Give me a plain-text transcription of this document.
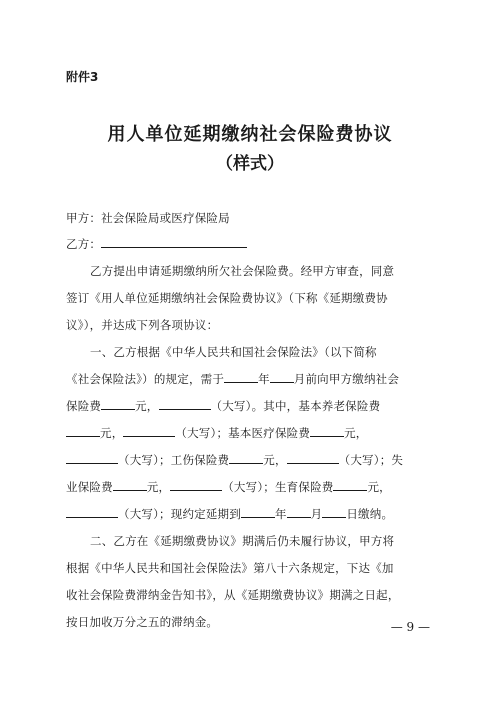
附件3
用人单位延期缴纳社会保险费协议
（样式）
甲方：社会保险局或医疗保险局
乙方：
乙方提出申请延期缴纳所欠社会保险费。经甲方审查，同意
签订《用人单位延期缴纳社会保险费协议》（下称《延期缴费协
议》），并达成下列各项协议：
一、乙方根据《中华人民共和国社会保险法》（以下简称
《社会保险法》）的规定，需于	年 月前向甲方缴纳社会
保险费	元，	（大写）。其中，基本养老保险费
元，	（大写）；基本医疗保险费	元，
（大写）；工伤保险费	元，	（大写）；失
业保险费	元，	（大写）；生育保险费	元，
（大写）；现约定延期到	年 月 日缴纳。
二、乙方在《延期缴费协议》期满后仍未履行协议，甲方将
根据《中华人民共和国社会保险法》第八十六条规定，下达《加
收社会保险费滞纳金告知书》，从《延期缴费协议》期满之日起，
按日加收万分之五的滞纳金。	— 9 —
